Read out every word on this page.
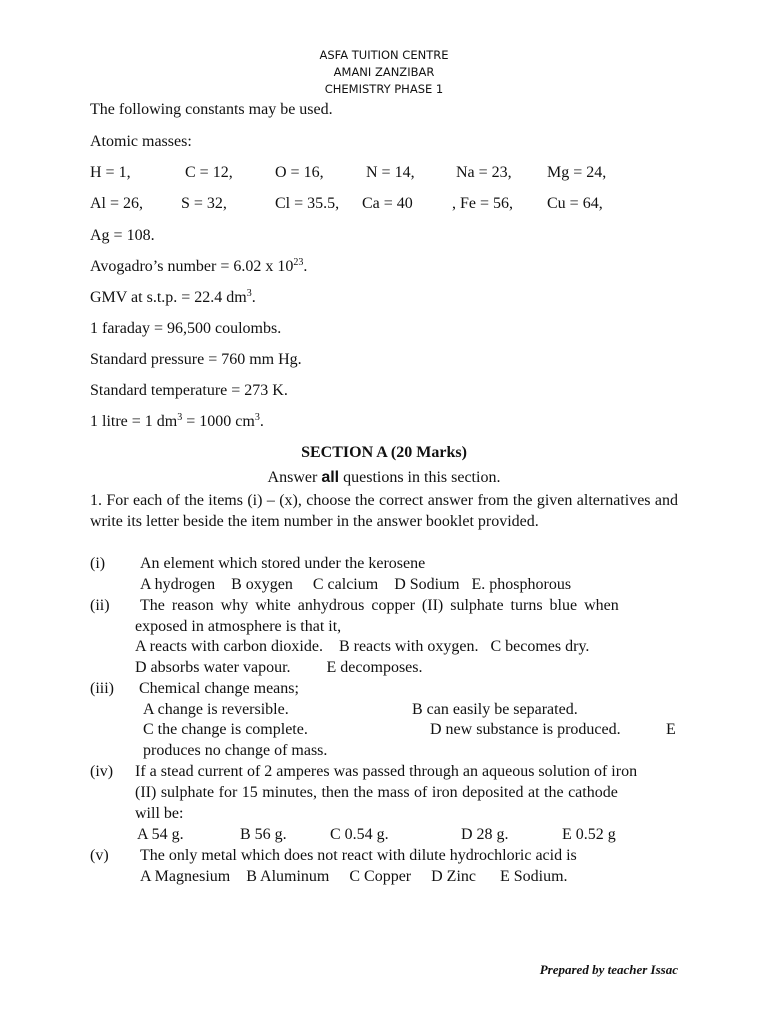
ASFA TUITION CENTRE
AMANI ZANZIBAR
CHEMISTRY PHASE 1
The following constants may be used.
Atomic masses:
H = 1,	C = 12,	O = 16,	N = 14,	Na = 23, Mg = 24,
Al = 26, S = 32,	Cl = 35.5, Ca = 40 , Fe = 56, Cu = 64,
Ag = 108.
Avogadro’s number = 6.02 x $10^{23}$.
GMV at s.t.p. = 22.4 $dm^3$.
1 faraday = 96,500 coulombs.
Standard pressure = 760 mm Hg.
Standard temperature = 273 K.
1 litre = 1 $dm^3 = 1000$ $cm^3$.
SECTION A (20 Marks)
Answer all questions in this section.
1. For each of the items (i) – (x), choose the correct answer from the given alternatives and write its letter beside the item number in the answer booklet provided.
(i) An element which stored under the kerosene
A hydrogen    B oxygen     C calcium    D Sodium   E. phosphorous
(ii) The reason why white anhydrous copper (II) sulphate turns blue when
exposed in atmosphere is that it,
A reacts with carbon dioxide.    B reacts with oxygen.   C becomes dry.
D absorbs water vapour.         E decomposes.
(iii) Chemical change means;
A change is reversible.	B can easily be separated.
C the change is complete.	D new substance is produced.	E
produces no change of mass.
(iv) If a stead current of 2 amperes was passed through an aqueous solution of iron
(II) sulphate for 15 minutes, then the mass of iron deposited at the cathode
will be:
A 54 g.	B 56 g.	C 0.54 g.	D 28 g.	E 0.52 g
(v) The only metal which does not react with dilute hydrochloric acid is
A Magnesium    B Aluminum     C Copper     D Zinc      E Sodium.
Prepared by teacher Issac
